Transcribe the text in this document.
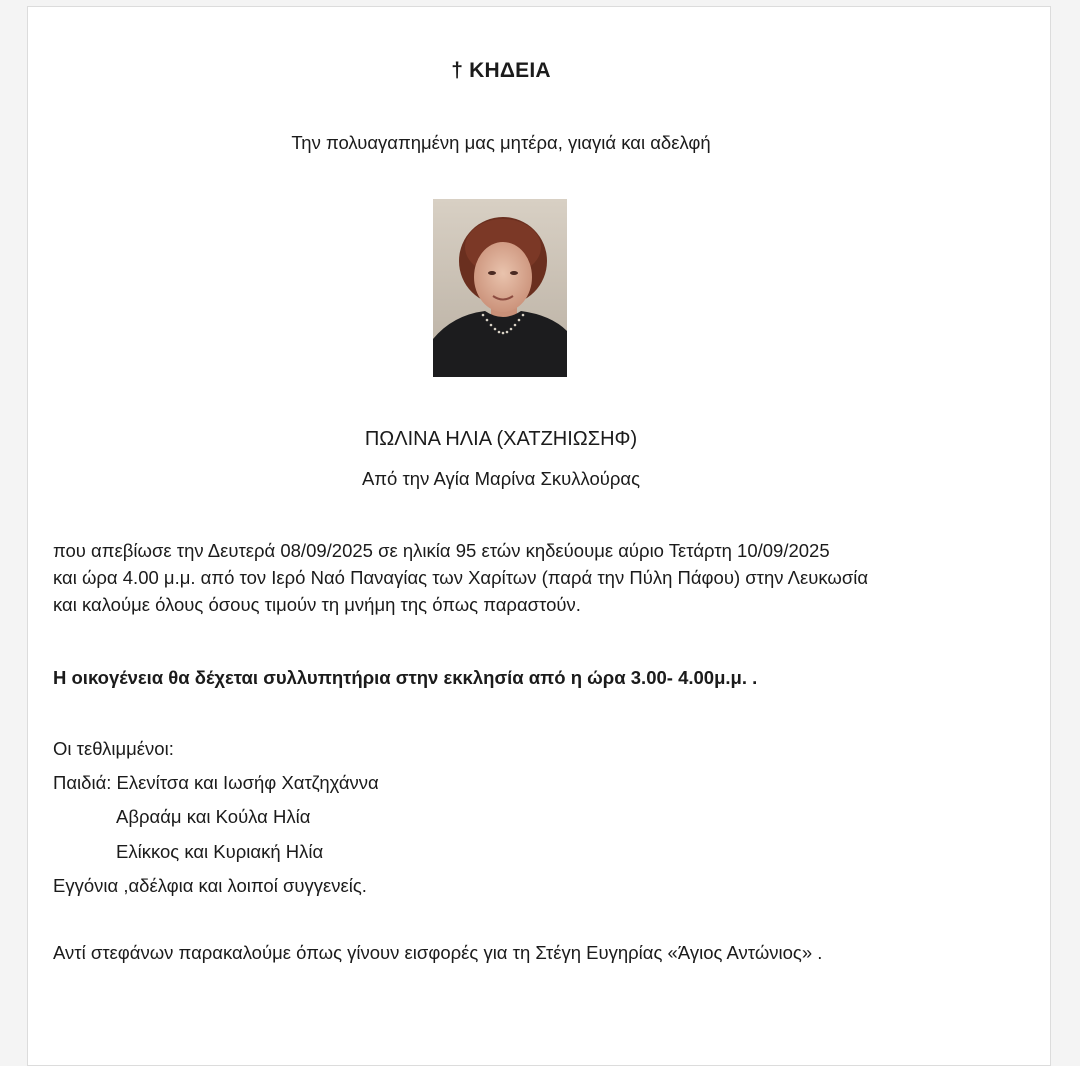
† ΚΗΔΕΙΑ
Την πολυαγαπημένη μας μητέρα, γιαγιά και αδελφή
ΠΩΛΙΝΑ ΗΛΙΑ (ΧΑΤΖΗΙΩΣΗΦ)
Από την Αγία Μαρίνα Σκυλλούρας
που απεβίωσε την Δευτερά 08/09/2025 σε ηλικία 95 ετών κηδεύουμε αύριο Τετάρτη 10/09/2025
και ώρα 4.00 μ.μ. από τον Ιερό Ναό Παναγίας των Χαρίτων (παρά την Πύλη Πάφου) στην Λευκωσία
και καλούμε όλους όσους τιμούν τη μνήμη της όπως παραστούν.
Η οικογένεια θα δέχεται συλλυπητήρια στην εκκλησία από η ώρα 3.00- 4.00μ.μ. .
Οι τεθλιμμένοι:
Παιδιά: Ελενίτσα και Ιωσήφ Χατζηχάννα
Αβραάμ και Κούλα Ηλία
Ελίκκος και Κυριακή Ηλία
Εγγόνια ,αδέλφια και λοιποί συγγενείς.
Αντί στεφάνων παρακαλούμε όπως γίνουν εισφορές για τη Στέγη Ευγηρίας «Άγιος Αντώνιος» .
